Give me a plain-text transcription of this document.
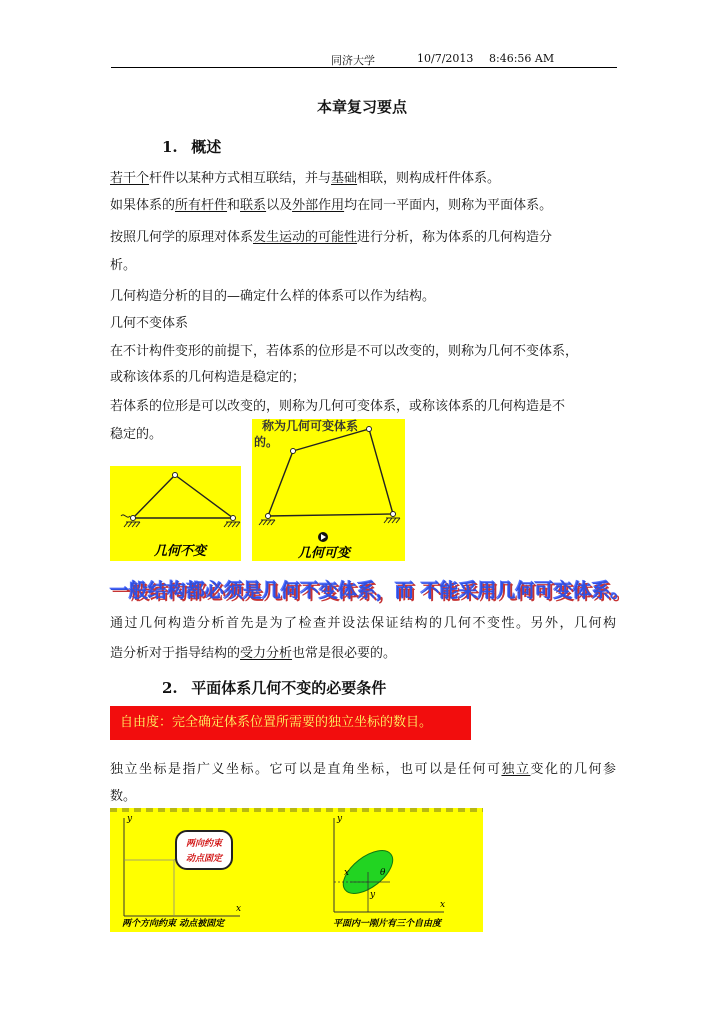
同济大学	10/7/2013 8:46:56 AM
本章复习要点
1. 概述
若干个杆件以某种方式相互联结，并与基础相联，则构成杆件体系。
如果体系的所有杆件和联系以及外部作用均在同一平面内，则称为平面体系。
按照几何学的原理对体系发生运动的可能性进行分析，称为体系的几何构造分
析。
几何构造分析的目的—确定什么样的体系可以作为结构。
几何不变体系
在不计构件变形的前提下，若体系的位形是不可以改变的，则称为几何不变体系，
或称该体系的几何构造是稳定的；
若体系的位形是可以改变的，则称为几何可变体系，或称该体系的几何构造是不
稳定的。
几何不变
称为几何可变体系
的。
几何可变
一般结构都必须是几何不变体系，而 不能采用几何可变体系。
通过几何构造分析首先是为了检查并设法保证结构的几何不变性。另外，几何构
造分析对于指导结构的受力分析也常是很必要的。
2. 平面体系几何不变的必要条件
自由度：完全确定体系位置所需要的独立坐标的数目。
独立坐标是指广义坐标。它可以是直角坐标，也可以是任何可独立变化的几何参
数。
y
x
y
x
x
y
θ
两向约束
动点固定
两个方向约束 动点被固定	平面内一刚片有三个自由度
